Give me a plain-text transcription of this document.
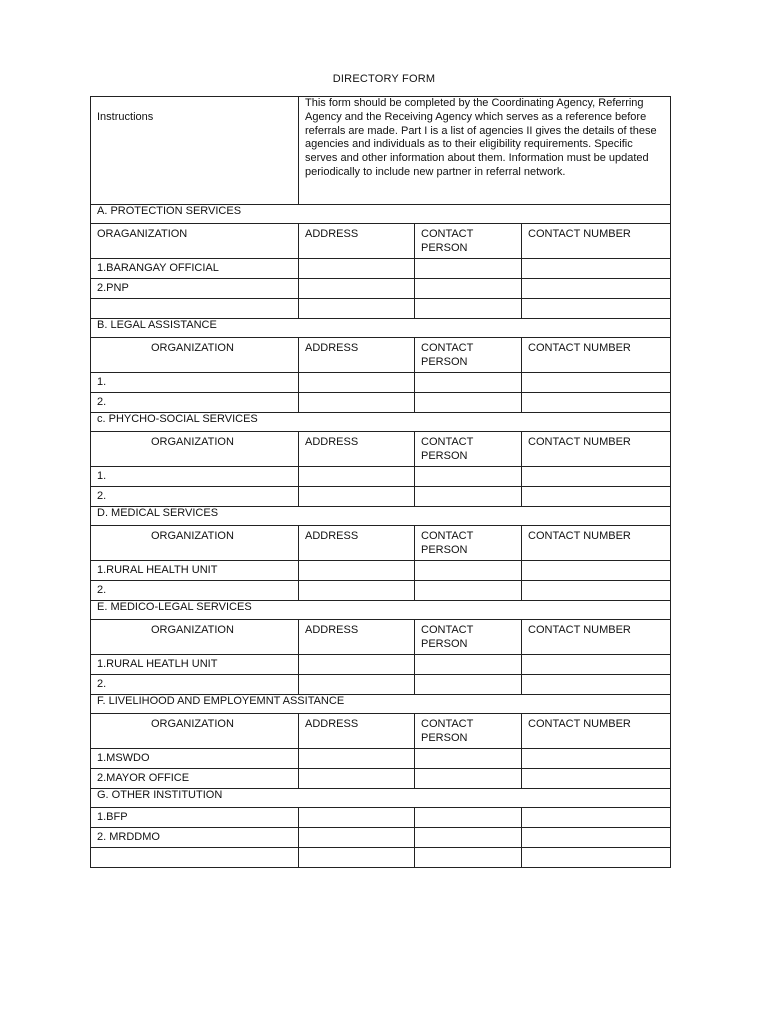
DIRECTORY FORM
Instructions	This form should be completed by the Coordinating Agency, Referring Agency and the Receiving Agency which serves as a reference before referrals are made. Part I is a list of agencies II gives the details of these agencies and individuals as to their eligibility requirements. Specific serves and other information about them. Information must be updated periodically to include new partner in referral network.		
A. PROTECTION SERVICES			
ORAGANIZATION	ADDRESS	CONTACT PERSON	CONTACT NUMBER
1.BARANGAY OFFICIAL			
2.PNP			

B. LEGAL ASSISTANCE			
ORGANIZATION	ADDRESS	CONTACT PERSON	CONTACT NUMBER
1.			
2.			
c. PHYCHO-SOCIAL SERVICES			
ORGANIZATION	ADDRESS	CONTACT PERSON	CONTACT NUMBER
1.			
2.			
D. MEDICAL SERVICES			
ORGANIZATION	ADDRESS	CONTACT PERSON	CONTACT NUMBER
1.RURAL HEALTH UNIT			
2.			
E. MEDICO-LEGAL SERVICES			
ORGANIZATION	ADDRESS	CONTACT PERSON	CONTACT NUMBER
1.RURAL HEATLH UNIT			
2.			
F. LIVELIHOOD AND EMPLOYEMNT ASSITANCE			
ORGANIZATION	ADDRESS	CONTACT PERSON	CONTACT NUMBER
1.MSWDO			
2.MAYOR OFFICE			
G. OTHER INSTITUTION			
1.BFP			
2. MRDDMO			
